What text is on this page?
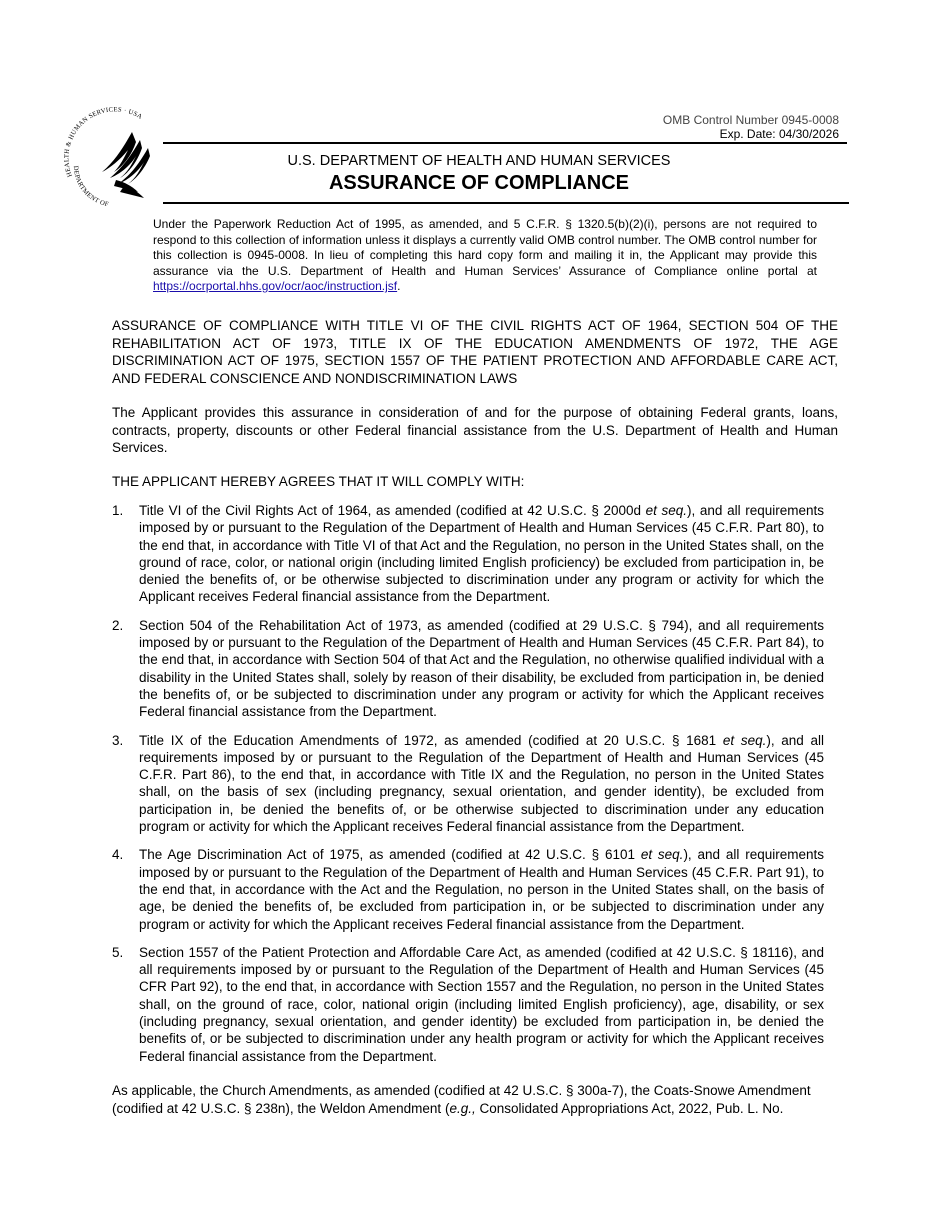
HEALTH & HUMAN SERVICES · USA
DEPARTMENT OF
OMB Control Number 0945-0008
Exp. Date: 04/30/2026
U.S. DEPARTMENT OF HEALTH AND HUMAN SERVICES
ASSURANCE OF COMPLIANCE

Under the Paperwork Reduction Act of 1995, as amended, and 5 C.F.R. § 1320.5(b)(2)(i), persons are not required to respond to this collection of information unless it displays a currently valid OMB control number. The OMB control number for this collection is 0945-0008. In lieu of completing this hard copy form and mailing it in, the Applicant may provide this assurance via the U.S. Department of Health and Human Services’ Assurance of Compliance online portal at https://ocrportal.hhs.gov/ocr/aoc/instruction.jsf.

ASSURANCE OF COMPLIANCE WITH TITLE VI OF THE CIVIL RIGHTS ACT OF 1964, SECTION 504 OF THE REHABILITATION ACT OF 1973, TITLE IX OF THE EDUCATION AMENDMENTS OF 1972, THE AGE DISCRIMINATION ACT OF 1975, SECTION 1557 OF THE PATIENT PROTECTION AND AFFORDABLE CARE ACT, AND FEDERAL CONSCIENCE AND NONDISCRIMINATION LAWS

The Applicant provides this assurance in consideration of and for the purpose of obtaining Federal grants, loans, contracts, property, discounts or other Federal financial assistance from the U.S. Department of Health and Human Services.

THE APPLICANT HEREBY AGREES THAT IT WILL COMPLY WITH:

1. Title VI of the Civil Rights Act of 1964, as amended (codified at 42 U.S.C. § 2000d et seq.), and all requirements imposed by or pursuant to the Regulation of the Department of Health and Human Services (45 C.F.R. Part 80), to the end that, in accordance with Title VI of that Act and the Regulation, no person in the United States shall, on the ground of race, color, or national origin (including limited English proficiency) be excluded from participation in, be denied the benefits of, or be otherwise subjected to discrimination under any program or activity for which the Applicant receives Federal financial assistance from the Department.
2. Section 504 of the Rehabilitation Act of 1973, as amended (codified at 29 U.S.C. § 794), and all requirements imposed by or pursuant to the Regulation of the Department of Health and Human Services (45 C.F.R. Part 84), to the end that, in accordance with Section 504 of that Act and the Regulation, no otherwise qualified individual with a disability in the United States shall, solely by reason of their disability, be excluded from participation in, be denied the benefits of, or be subjected to discrimination under any program or activity for which the Applicant receives Federal financial assistance from the Department.
3. Title IX of the Education Amendments of 1972, as amended (codified at 20 U.S.C. § 1681 et seq.), and all requirements imposed by or pursuant to the Regulation of the Department of Health and Human Services (45 C.F.R. Part 86), to the end that, in accordance with Title IX and the Regulation, no person in the United States shall, on the basis of sex (including pregnancy, sexual orientation, and gender identity), be excluded from participation in, be denied the benefits of, or be otherwise subjected to discrimination under any education program or activity for which the Applicant receives Federal financial assistance from the Department.
4. The Age Discrimination Act of 1975, as amended (codified at 42 U.S.C. § 6101 et seq.), and all requirements imposed by or pursuant to the Regulation of the Department of Health and Human Services (45 C.F.R. Part 91), to the end that, in accordance with the Act and the Regulation, no person in the United States shall, on the basis of age, be denied the benefits of, be excluded from participation in, or be subjected to discrimination under any program or activity for which the Applicant receives Federal financial assistance from the Department.
5. Section 1557 of the Patient Protection and Affordable Care Act, as amended (codified at 42 U.S.C. § 18116), and all requirements imposed by or pursuant to the Regulation of the Department of Health and Human Services (45 CFR Part 92), to the end that, in accordance with Section 1557 and the Regulation, no person in the United States shall, on the ground of race, color, national origin (including limited English proficiency), age, disability, or sex (including pregnancy, sexual orientation, and gender identity) be excluded from participation in, be denied the benefits of, or be subjected to discrimination under any health program or activity for which the Applicant receives Federal financial assistance from the Department.

As applicable, the Church Amendments, as amended (codified at 42 U.S.C. § 300a-7), the Coats-Snowe Amendment (codified at 42 U.S.C. § 238n), the Weldon Amendment (e.g., Consolidated Appropriations Act, 2022, Pub. L. No.
